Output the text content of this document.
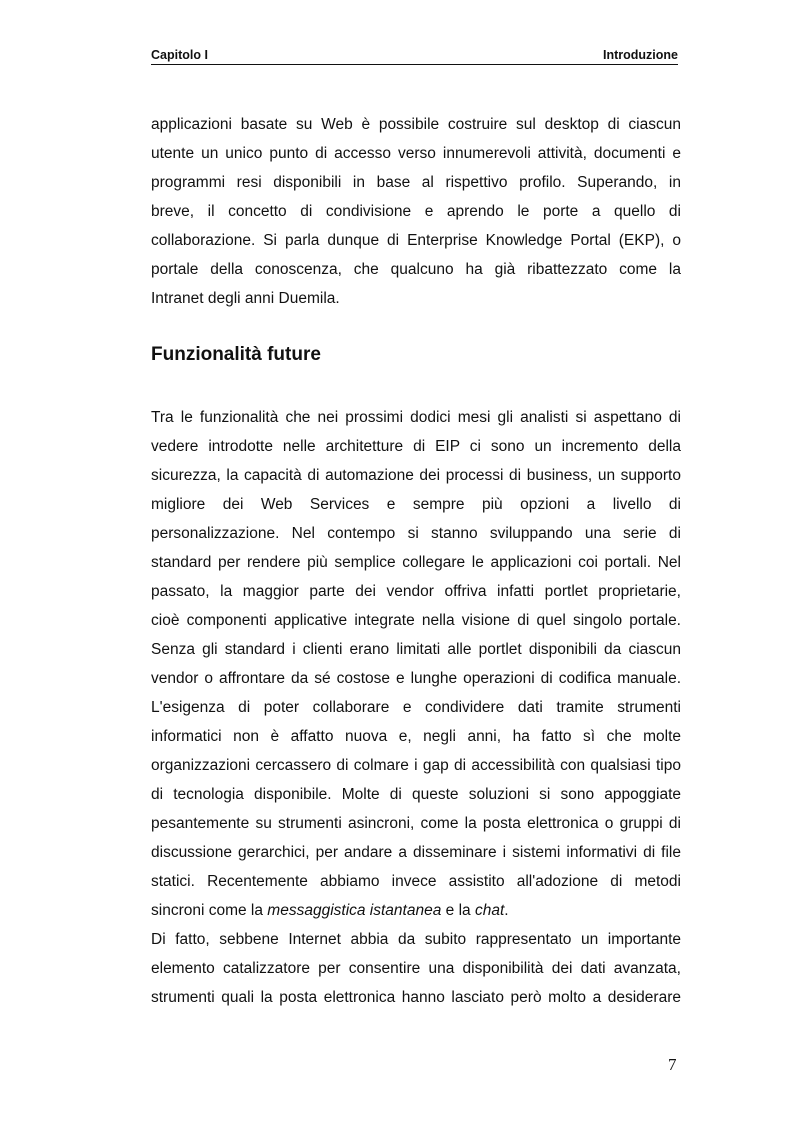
Capitolo I	Introduzione
applicazioni basate su Web è possibile costruire sul desktop di ciascun
utente un unico punto di accesso verso innumerevoli attività, documenti e
programmi resi disponibili in base al rispettivo profilo. Superando, in
breve, il concetto di condivisione e aprendo le porte a quello di
collaborazione. Si parla dunque di Enterprise Knowledge Portal (EKP), o
portale della conoscenza, che qualcuno ha già ribattezzato come la
Intranet degli anni Duemila.
Funzionalità future
Tra le funzionalità che nei prossimi dodici mesi gli analisti si aspettano di
vedere introdotte nelle architetture di EIP ci sono un incremento della
sicurezza, la capacità di automazione dei processi di business, un supporto
migliore dei Web Services e sempre più opzioni a livello di
personalizzazione. Nel contempo si stanno sviluppando una serie di
standard per rendere più semplice collegare le applicazioni coi portali. Nel
passato, la maggior parte dei vendor offriva infatti portlet proprietarie,
cioè componenti applicative integrate nella visione di quel singolo portale.
Senza gli standard i clienti erano limitati alle portlet disponibili da ciascun
vendor o affrontare da sé costose e lunghe operazioni di codifica manuale.
L'esigenza di poter collaborare e condividere dati tramite strumenti
informatici non è affatto nuova e, negli anni, ha fatto sì che molte
organizzazioni cercassero di colmare i gap di accessibilità con qualsiasi tipo
di tecnologia disponibile. Molte di queste soluzioni si sono appoggiate
pesantemente su strumenti asincroni, come la posta elettronica o gruppi di
discussione gerarchici, per andare a disseminare i sistemi informativi di file
statici. Recentemente abbiamo invece assistito all'adozione di metodi
sincroni come la messaggistica istantanea e la chat.
Di fatto, sebbene Internet abbia da subito rappresentato un importante
elemento catalizzatore per consentire una disponibilità dei dati avanzata,
strumenti quali la posta elettronica hanno lasciato però molto a desiderare
7
